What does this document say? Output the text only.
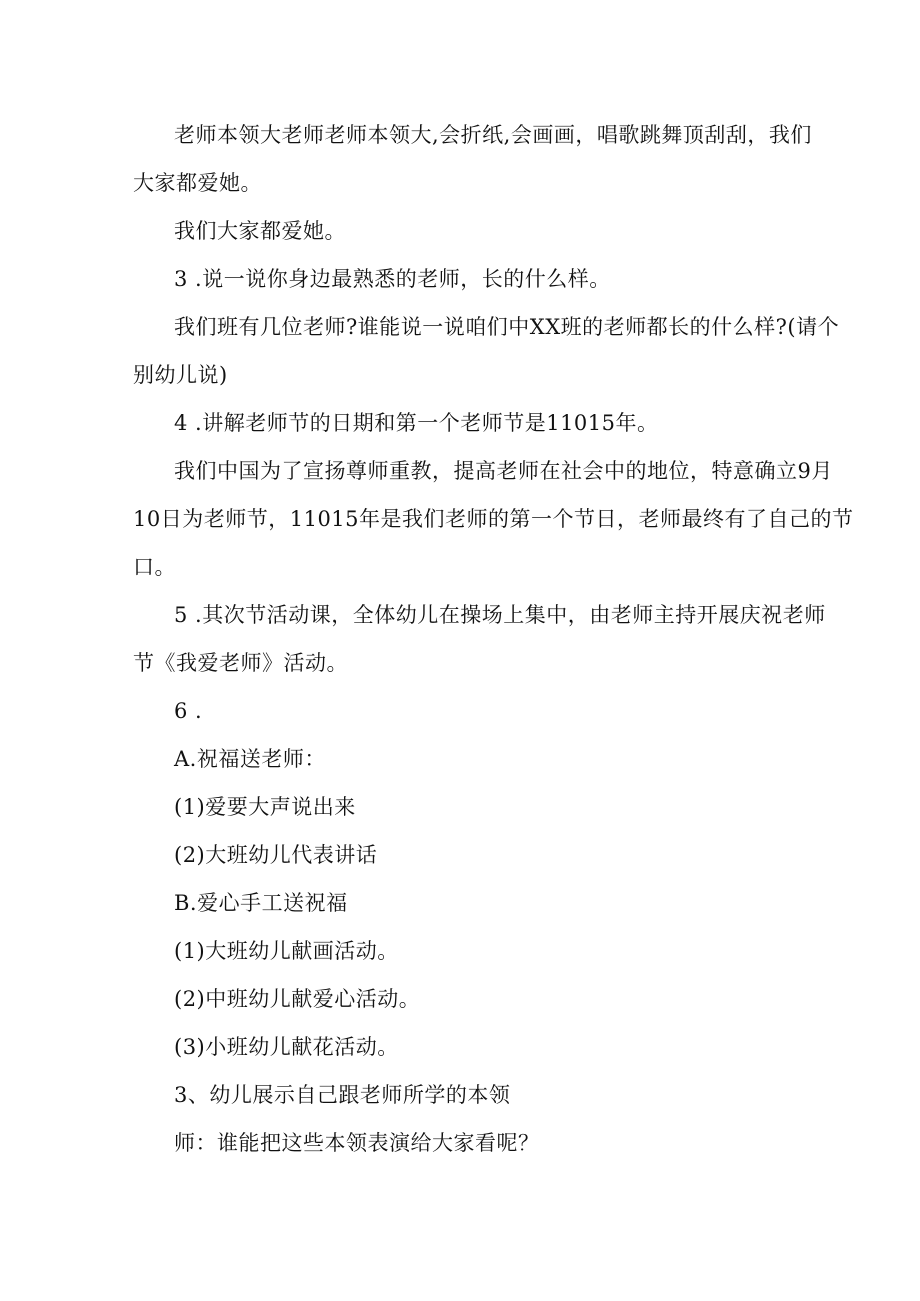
老师本领大老师老师本领大,会折纸,会画画，唱歌跳舞顶刮刮，我们
大家都爱她。
我们大家都爱她。
3 .说一说你身边最熟悉的老师，长的什么样。
我们班有几位老师?谁能说一说咱们中XX班的老师都长的什么样?(请个
别幼儿说)
4 .讲解老师节的日期和第一个老师节是11015年。
我们中国为了宣扬尊师重教，提高老师在社会中的地位，特意确立9月
10日为老师节，11015年是我们老师的第一个节日，老师最终有了自己的节
口。
5 .其次节活动课，全体幼儿在操场上集中，由老师主持开展庆祝老师
节《我爱老师》活动。
6 .
A.祝福送老师：
(1)爱要大声说出来
(2)大班幼儿代表讲话
B.爱心手工送祝福
(1)大班幼儿献画活动。
(2)中班幼儿献爱心活动。
(3)小班幼儿献花活动。
3、幼儿展示自己跟老师所学的本领
师：谁能把这些本领表演给大家看呢？
